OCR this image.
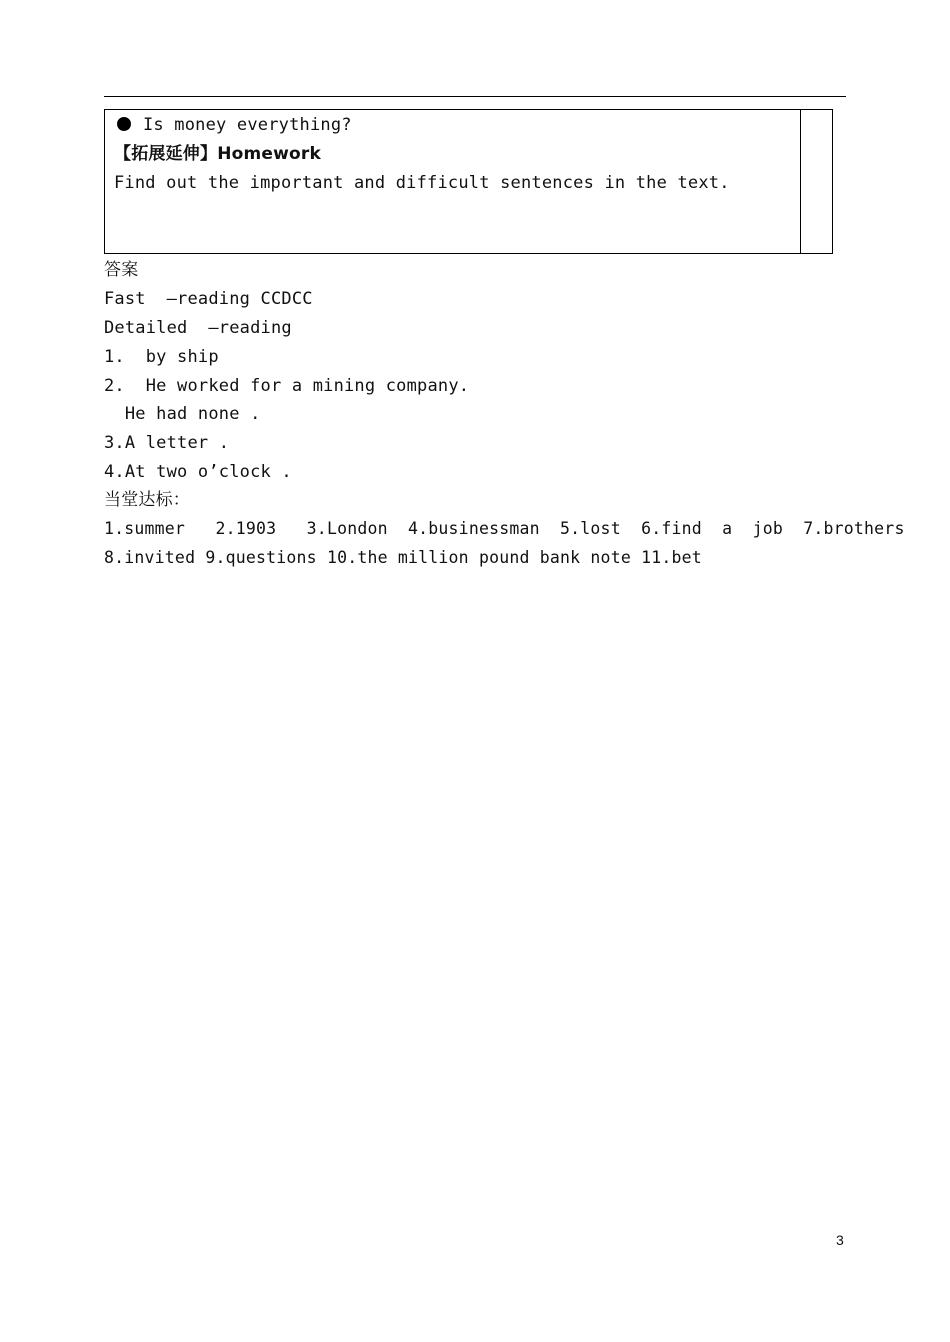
Is money everything?
【拓展延伸】Homework
Find out the important and difficult sentences in the text.
答案
Fast  –reading CCDCC
Detailed  –reading
1.  by ship
2.  He worked for a mining company.
He had none .
3.A letter .
4.At two o’clock .
当堂达标：
1.summer   2.1903   3.London  4.businessman  5.lost  6.find  a  job  7.brothers
8.invited 9.questions 10.the million pound bank note 11.bet
3
